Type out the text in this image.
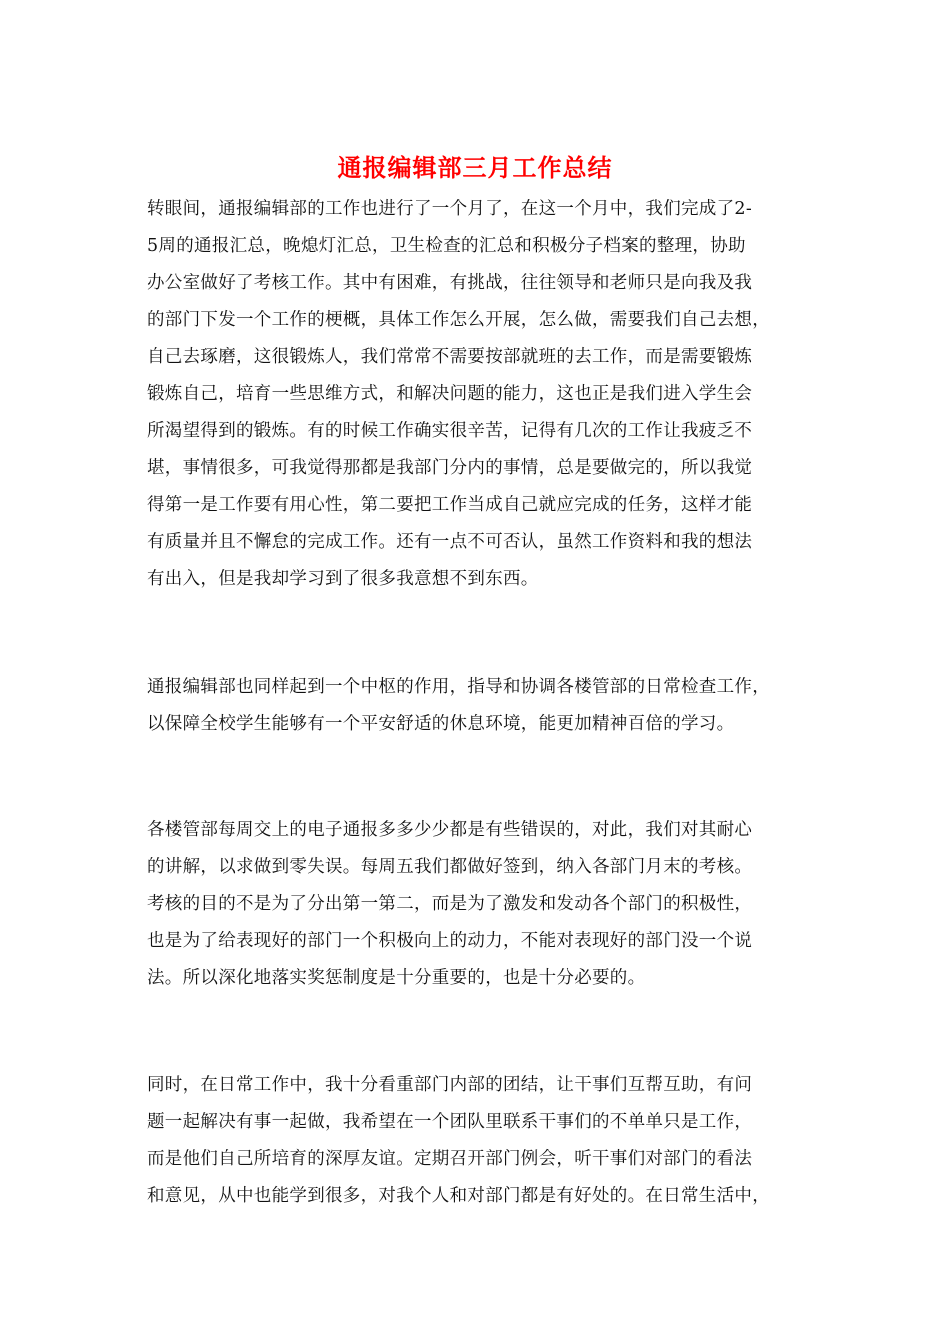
通报编辑部三月工作总结
转眼间，通报编辑部的工作也进行了一个月了，在这一个月中，我们完成了2-
5周的通报汇总，晚熄灯汇总，卫生检查的汇总和积极分子档案的整理，协助
办公室做好了考核工作。其中有困难，有挑战，往往领导和老师只是向我及我
的部门下发一个工作的梗概，具体工作怎么开展，怎么做，需要我们自己去想，
自己去琢磨，这很锻炼人，我们常常不需要按部就班的去工作，而是需要锻炼
锻炼自己，培育一些思维方式，和解决问题的能力，这也正是我们进入学生会
所渴望得到的锻炼。有的时候工作确实很辛苦，记得有几次的工作让我疲乏不
堪，事情很多，可我觉得那都是我部门分内的事情，总是要做完的，所以我觉
得第一是工作要有用心性，第二要把工作当成自己就应完成的任务，这样才能
有质量并且不懈怠的完成工作。还有一点不可否认，虽然工作资料和我的想法
有出入，但是我却学习到了很多我意想不到东西。
通报编辑部也同样起到一个中枢的作用，指导和协调各楼管部的日常检查工作，
以保障全校学生能够有一个平安舒适的休息环境，能更加精神百倍的学习。
各楼管部每周交上的电子通报多多少少都是有些错误的，对此，我们对其耐心
的讲解，以求做到零失误。每周五我们都做好签到，纳入各部门月末的考核。
考核的目的不是为了分出第一第二，而是为了激发和发动各个部门的积极性，
也是为了给表现好的部门一个积极向上的动力，不能对表现好的部门没一个说
法。所以深化地落实奖惩制度是十分重要的，也是十分必要的。
同时，在日常工作中，我十分看重部门内部的团结，让干事们互帮互助，有问
题一起解决有事一起做，我希望在一个团队里联系干事们的不单单只是工作，
而是他们自己所培育的深厚友谊。定期召开部门例会，听干事们对部门的看法
和意见，从中也能学到很多，对我个人和对部门都是有好处的。在日常生活中，
